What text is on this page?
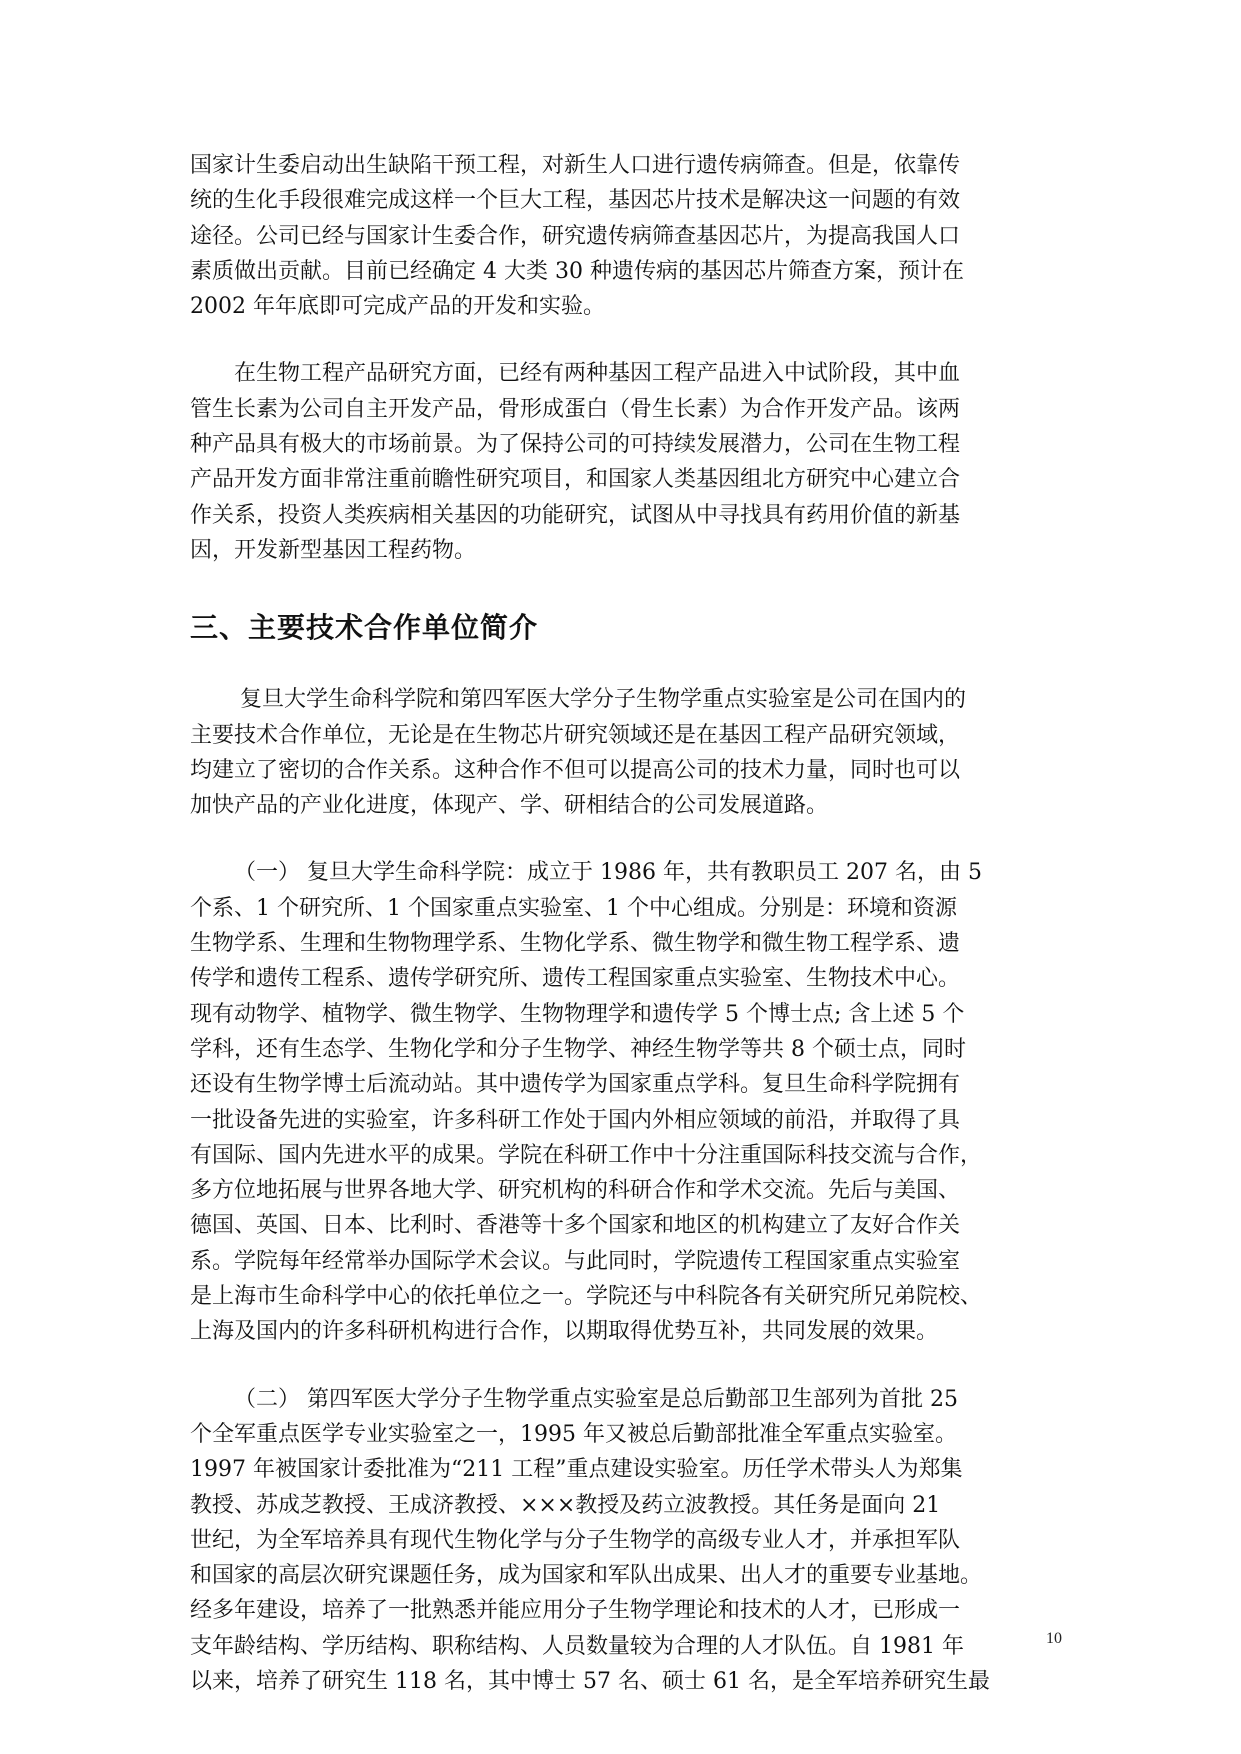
国家计生委启动出生缺陷干预工程，对新生人口进行遗传病筛查。但是，依靠传
统的生化手段很难完成这样一个巨大工程，基因芯片技术是解决这一问题的有效
途径。公司已经与国家计生委合作，研究遗传病筛查基因芯片，为提高我国人口
素质做出贡献。目前已经确定 4 大类 30 种遗传病的基因芯片筛查方案，预计在
2002 年年底即可完成产品的开发和实验。
在生物工程产品研究方面，已经有两种基因工程产品进入中试阶段，其中血
管生长素为公司自主开发产品，骨形成蛋白（骨生长素）为合作开发产品。该两
种产品具有极大的市场前景。为了保持公司的可持续发展潜力，公司在生物工程
产品开发方面非常注重前瞻性研究项目，和国家人类基因组北方研究中心建立合
作关系，投资人类疾病相关基因的功能研究，试图从中寻找具有药用价值的新基
因，开发新型基因工程药物。
三、主要技术合作单位简介
复旦大学生命科学院和第四军医大学分子生物学重点实验室是公司在国内的
主要技术合作单位，无论是在生物芯片研究领域还是在基因工程产品研究领域，
均建立了密切的合作关系。这种合作不但可以提高公司的技术力量，同时也可以
加快产品的产业化进度，体现产、学、研相结合的公司发展道路。
（一） 复旦大学生命科学院：成立于 1986 年，共有教职员工 207 名，由 5
个系、1 个研究所、1 个国家重点实验室、1 个中心组成。分别是：环境和资源
生物学系、生理和生物物理学系、生物化学系、微生物学和微生物工程学系、遗
传学和遗传工程系、遗传学研究所、遗传工程国家重点实验室、生物技术中心。
现有动物学、植物学、微生物学、生物物理学和遗传学 5 个博士点; 含上述 5 个
学科，还有生态学、生物化学和分子生物学、神经生物学等共 8 个硕士点，同时
还设有生物学博士后流动站。其中遗传学为国家重点学科。复旦生命科学院拥有
一批设备先进的实验室，许多科研工作处于国内外相应领域的前沿，并取得了具
有国际、国内先进水平的成果。学院在科研工作中十分注重国际科技交流与合作，
多方位地拓展与世界各地大学、研究机构的科研合作和学术交流。先后与美国、
德国、英国、日本、比利时、香港等十多个国家和地区的机构建立了友好合作关
系。学院每年经常举办国际学术会议。与此同时，学院遗传工程国家重点实验室
是上海市生命科学中心的依托单位之一。学院还与中科院各有关研究所兄弟院校、
上海及国内的许多科研机构进行合作，以期取得优势互补，共同发展的效果。
（二） 第四军医大学分子生物学重点实验室是总后勤部卫生部列为首批 25
个全军重点医学专业实验室之一，1995 年又被总后勤部批准全军重点实验室。
1997 年被国家计委批准为“211 工程”重点建设实验室。历任学术带头人为郑集
教授、苏成芝教授、王成济教授、×××教授及药立波教授。其任务是面向 21
世纪，为全军培养具有现代生物化学与分子生物学的高级专业人才，并承担军队
和国家的高层次研究课题任务，成为国家和军队出成果、出人才的重要专业基地。
经多年建设，培养了一批熟悉并能应用分子生物学理论和技术的人才，已形成一
支年龄结构、学历结构、职称结构、人员数量较为合理的人才队伍。自 1981 年
以来，培养了研究生 118 名，其中博士 57 名、硕士 61 名，是全军培养研究生最
10
